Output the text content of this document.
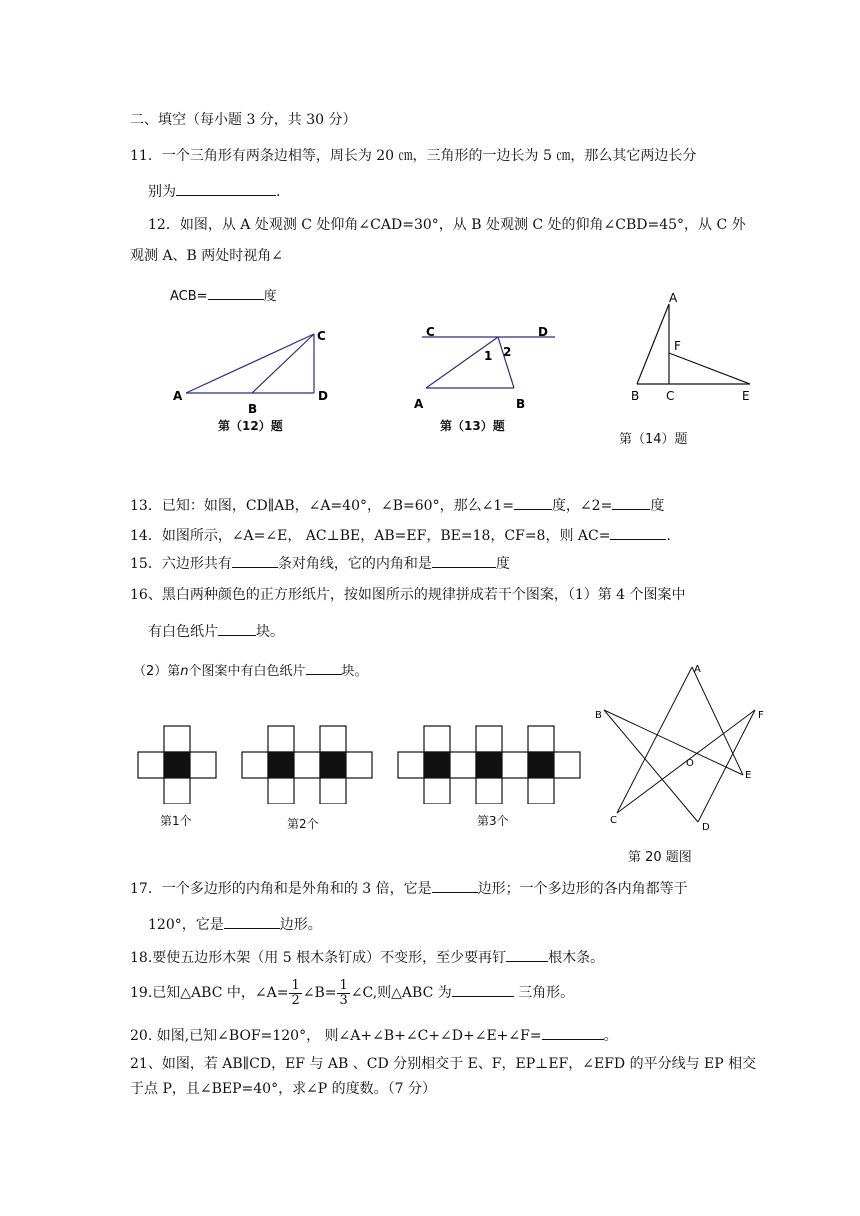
二、填空（每小题 3 分，共 30 分）
11．一个三角形有两条边相等，周长为 20 ㎝，三角形的一边长为 5 ㎝，那么其它两边长分
别为	.
12．如图，从 A 处观测 C 处仰角∠CAD=30°，从 B 处观测 C 处的仰角∠CBD=45°，从 C 外
观测 A、B 两处时视角∠
ACB=	度
A
B
C
D
第（12）题
C	D
A	B
1 2
第（13）题
A
F
B C	E
第（14）题
13．已知：如图，CD∥AB，∠A=40°，∠B=60°，那么∠1=	度，∠2=	度
14．如图所示，∠A=∠E， AC⊥BE，AB=EF，BE=18，CF=8，则 AC=	.
15．六边形共有	条对角线，它的内角和是	度
16、黑白两种颜色的正方形纸片，按如图所示的规律拼成若干个图案，（1）第 4 个图案中
有白色纸片	块。
（2）第n个图案中有白色纸片	块。
第1个	第2个	第3个
A
B	F
E
O
C
D
第 20 题图
17．一个多边形的内角和是外角和的 3 倍，它是	边形；一个多边形的各内角都等于
120°，它是	边形。
18.要使五边形木架（用 5 根木条钉成）不变形，至少要再钉	根木条。
19.已知△ABC 中，∠A= $\frac{1}{2}$ ∠B= $\frac{1}{3}$ ∠C,则△ABC 为	三角形。
20. 如图,已知∠BOF=120°， 则∠A+∠B+∠C+∠D+∠E+∠F=	。
21、如图，若 AB∥CD，EF 与 AB 、CD 分别相交于 E、F，EP⊥EF，∠EFD 的平分线与 EP 相交
于点 P，且∠BEP=40°，求∠P 的度数。（7 分）
